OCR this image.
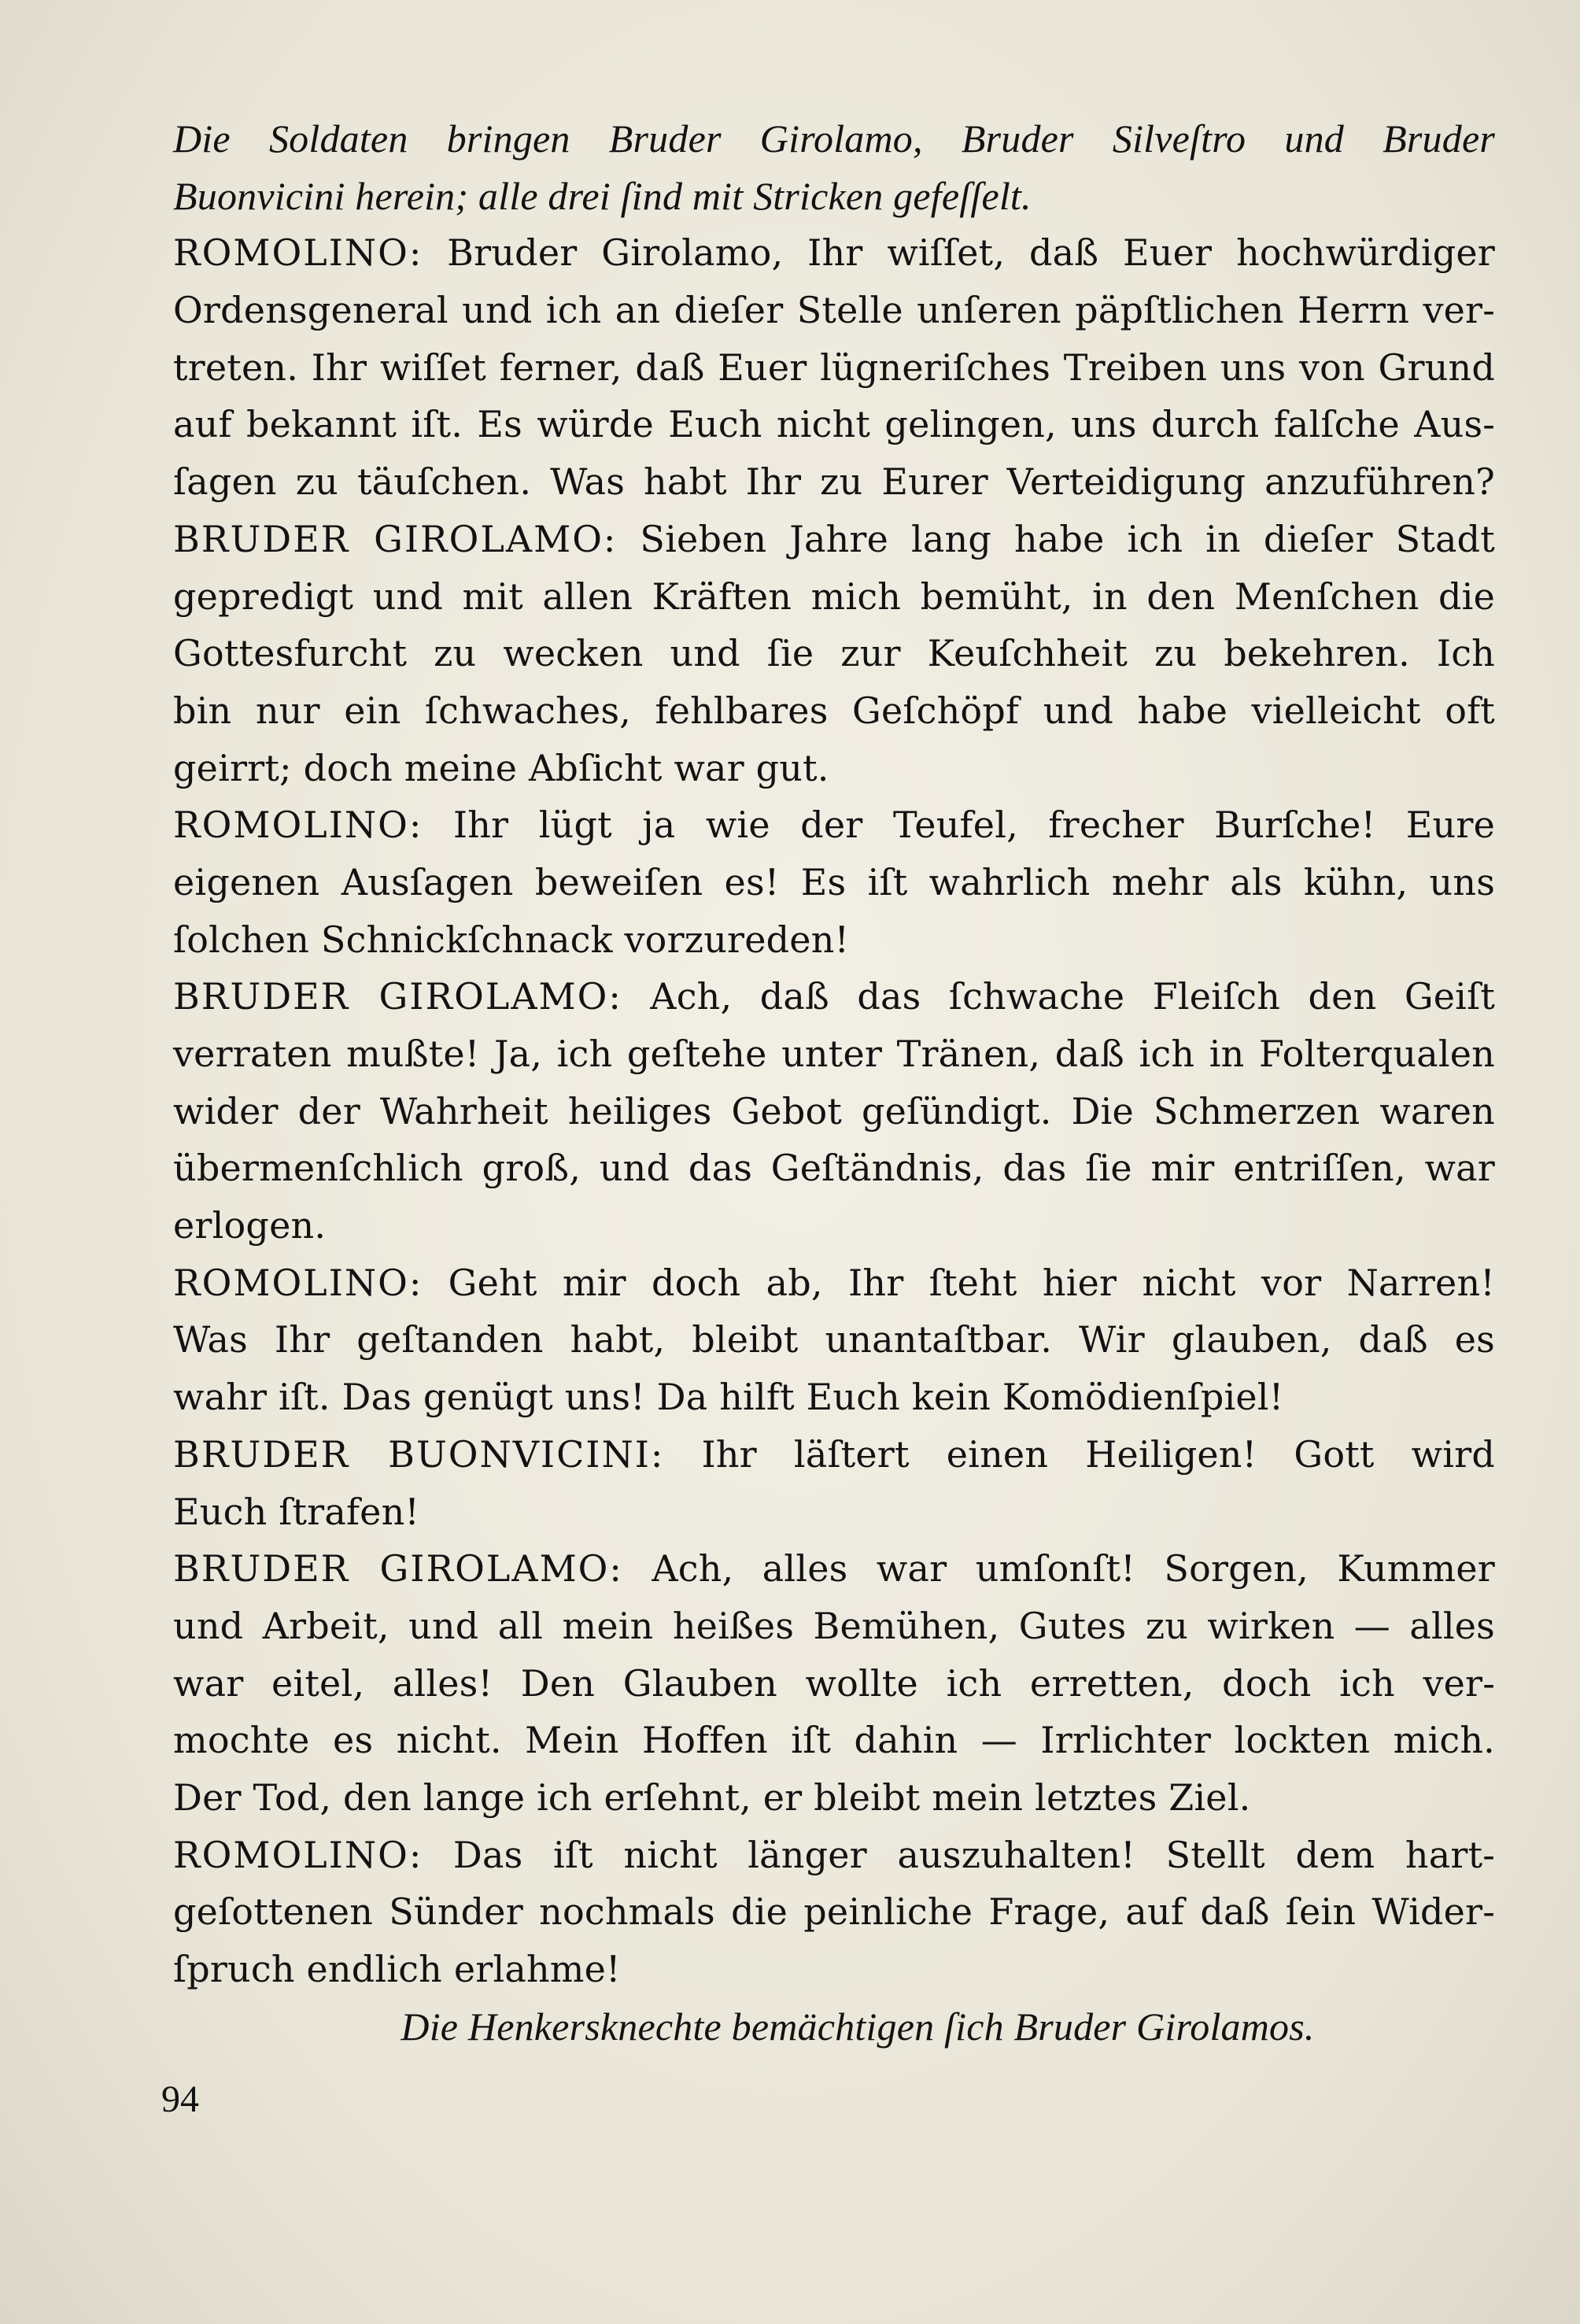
Die Soldaten bringen Bruder Girolamo, Bruder Silveſtro und Bruder
Buonvicini herein; alle drei ſind mit Stricken gefeſſelt.
ROMOLINO: Bruder Girolamo, Ihr wiſſet, daß Euer hochwürdiger
Ordensgeneral und ich an dieſer Stelle unſeren päpſtlichen Herrn ver-
treten. Ihr wiſſet ferner, daß Euer lügneriſches Treiben uns von Grund
auf bekannt iſt. Es würde Euch nicht gelingen, uns durch falſche Aus-
ſagen zu täuſchen. Was habt Ihr zu Eurer Verteidigung anzuführen?
BRUDER GIROLAMO: Sieben Jahre lang habe ich in dieſer Stadt
gepredigt und mit allen Kräften mich bemüht, in den Menſchen die
Gottesfurcht zu wecken und ſie zur Keuſchheit zu bekehren. Ich
bin nur ein ſchwaches, fehlbares Geſchöpf und habe vielleicht oft
geirrt; doch meine Abſicht war gut.
ROMOLINO: Ihr lügt ja wie der Teufel, frecher Burſche! Eure
eigenen Ausſagen beweiſen es! Es iſt wahrlich mehr als kühn, uns
ſolchen Schnickſchnack vorzureden!
BRUDER GIROLAMO: Ach, daß das ſchwache Fleiſch den Geiſt
verraten mußte! Ja, ich geſtehe unter Tränen, daß ich in Folterqualen
wider der Wahrheit heiliges Gebot geſündigt. Die Schmerzen waren
übermenſchlich groß, und das Geſtändnis, das ſie mir entriſſen, war
erlogen.
ROMOLINO: Geht mir doch ab, Ihr ſteht hier nicht vor Narren!
Was Ihr geſtanden habt, bleibt unantaſtbar. Wir glauben, daß es
wahr iſt. Das genügt uns! Da hilft Euch kein Komödienſpiel!
BRUDER BUONVICINI: Ihr läſtert einen Heiligen! Gott wird
Euch ſtrafen!
BRUDER GIROLAMO: Ach, alles war umſonſt! Sorgen, Kummer
und Arbeit, und all mein heißes Bemühen, Gutes zu wirken — alles
war eitel, alles! Den Glauben wollte ich erretten, doch ich ver-
mochte es nicht. Mein Hoffen iſt dahin — Irrlichter lockten mich.
Der Tod, den lange ich erſehnt, er bleibt mein letztes Ziel.
ROMOLINO: Das iſt nicht länger auszuhalten! Stellt dem hart-
geſottenen Sünder nochmals die peinliche Frage, auf daß ſein Wider-
ſpruch endlich erlahme!
Die Henkersknechte bemächtigen ſich Bruder Girolamos.
94
